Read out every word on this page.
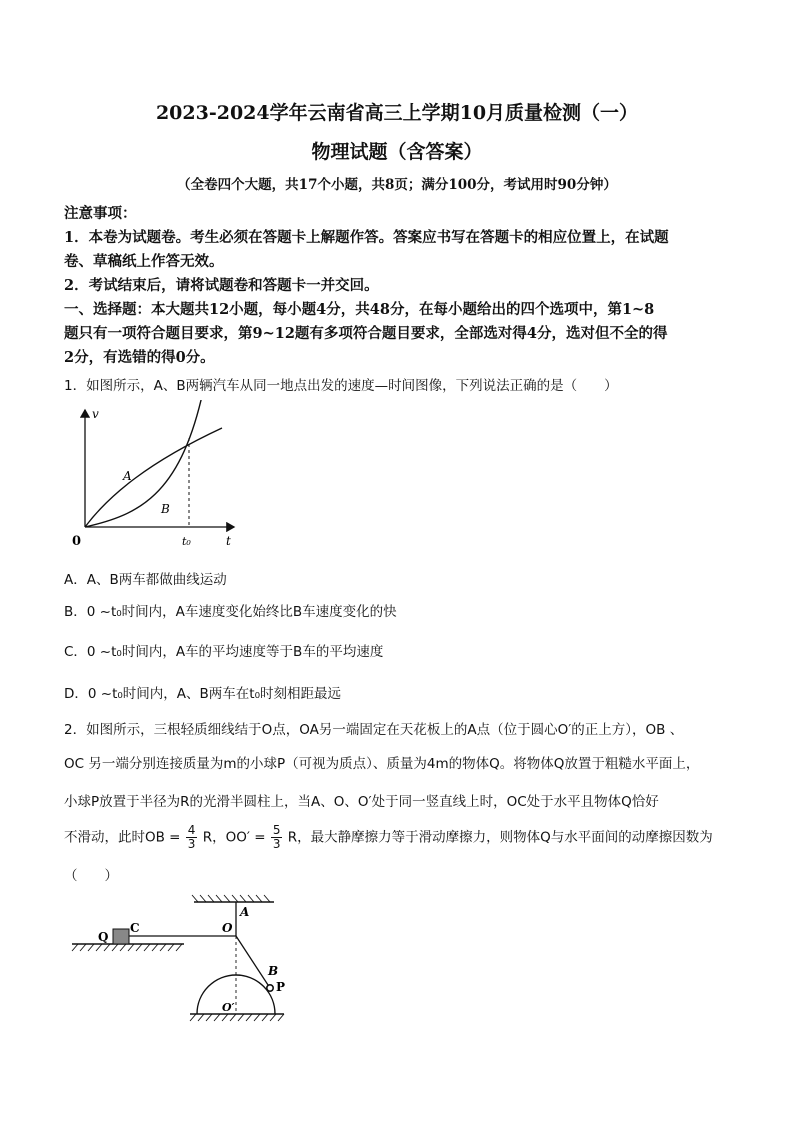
2023-2024学年云南省高三上学期10月质量检测（一）
物理试题（含答案）
（全卷四个大题，共17个小题，共8页；满分100分，考试用时90分钟）
注意事项：
1．本卷为试题卷。考生必须在答题卡上解题作答。答案应书写在答题卡的相应位置上，在试题
卷、草稿纸上作答无效。
2．考试结束后，请将试题卷和答题卡一并交回。
一、选择题：本大题共12小题，每小题4分，共48分，在每小题给出的四个选项中，第1~8
题只有一项符合题目要求，第9~12题有多项符合题目要求，全部选对得4分，选对但不全的得
2分，有选错的得0分。
1．如图所示，A、B两辆汽车从同一地点出发的速度—时间图像，下列说法正确的是（　　）
v
t
0
A
B
t₀
A．A、B两车都做曲线运动
B．0 ~t₀时间内，A车速度变化始终比B车速度变化的快
C．0 ~t₀时间内，A车的平均速度等于B车的平均速度
D．0 ~t₀时间内，A、B两车在t₀时刻相距最远
2．如图所示，三根轻质细线结于O点，OA另一端固定在天花板上的A点（位于圆心O′的正上方），OB 、
OC 另一端分别连接质量为m的小球P（可视为质点）、质量为4m的物体Q。将物体Q放置于粗糙水平面上，
小球P放置于半径为R的光滑半圆柱上，当A、O、O′处于同一竖直线上时，OC处于水平且物体Q恰好
不滑动，此时OB = $\frac{4}{3}$ R，$OO' = \frac{5}{3}$ R，最大静摩擦力等于滑动摩擦力，则物体Q与水平面间的动摩擦因数为
（　　）
Q
C	O
A
B
P
O′
